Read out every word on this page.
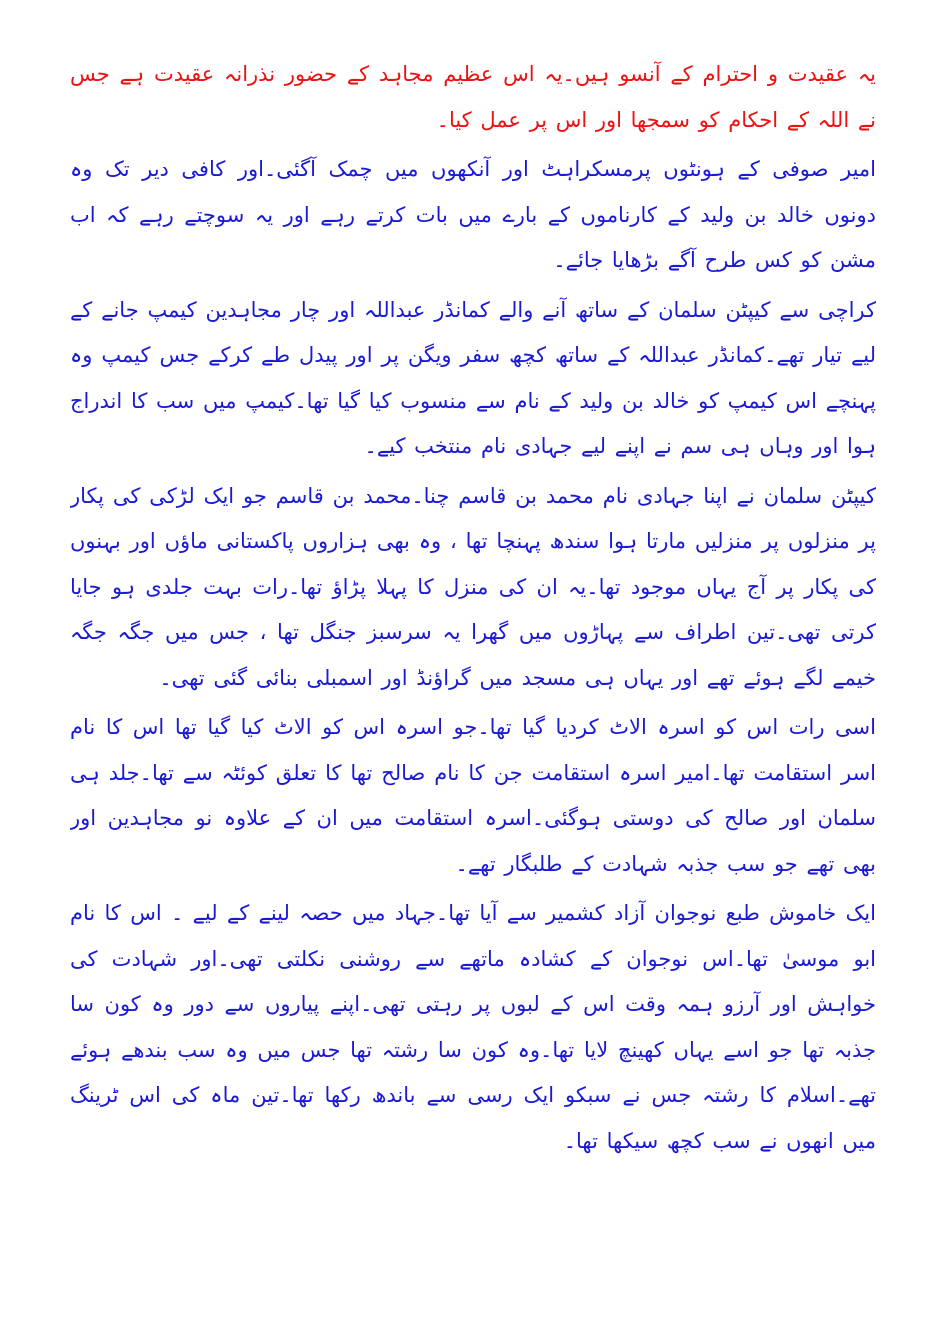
یہ عقیدت و احترام کے آنسو ہیں۔یہ اس عظیم مجاہد کے حضور نذرانہ عقیدت ہے جس نے اللہ کے احکام کو سمجھا اور اس پر عمل کیا۔

امیر صوفی کے ہونٹوں پرمسکراہٹ اور آنکھوں میں چمک آگئی۔اور کافی دیر تک وہ دونوں خالد بن ولید کے کارناموں کے بارے میں بات کرتے رہے اور یہ سوچتے رہے کہ اب مشن کو کس طرح آگے بڑھایا جائے۔

کراچی سے کیپٹن سلمان کے ساتھ آنے والے کمانڈر عبداللہ اور چار مجاہدین کیمپ جانے کے لیے تیار تھے۔کمانڈر عبداللہ کے ساتھ کچھ سفر ویگن پر اور پیدل طے کرکے جس کیمپ وہ پہنچے اس کیمپ کو خالد بن ولید کے نام سے منسوب کیا گیا تھا۔کیمپ میں سب کا اندراج ہوا اور وہاں ہی سم نے اپنے لیے جہادی نام منتخب کیے۔

کیپٹن سلمان نے اپنا جہادی نام محمد بن قاسم چنا۔محمد بن قاسم جو ایک لڑکی کی پکار پر منزلوں پر منزلیں مارتا ہوا سندھ پہنچا تھا ، وہ بھی ہزاروں پاکستانی ماؤں اور بہنوں کی پکار پر آج یہاں موجود تھا۔یہ ان کی منزل کا پہلا پڑاؤ تھا۔رات بہت جلدی ہو جایا کرتی تھی۔تین اطراف سے پہاڑوں میں گھرا یہ سرسبز جنگل تھا ، جس میں جگہ جگہ خیمے لگے ہوئے تھے اور یہاں ہی مسجد میں گراؤنڈ اور اسمبلی بنائی گئی تھی۔

اسی رات اس کو اسرہ الاٹ کردیا گیا تھا۔جو اسرہ اس کو الاٹ کیا گیا تھا اس کا نام اسر استقامت تھا۔امیر اسرہ استقامت جن کا نام صالح تھا کا تعلق کوئٹہ سے تھا۔جلد ہی سلمان اور صالح کی دوستی ہوگئی۔اسرہ استقامت میں ان کے علاوہ نو مجاہدین اور بھی تھے جو سب جذبہ شہادت کے طلبگار تھے۔

ایک خاموش طبع نوجوان آزاد کشمیر سے آیا تھا۔جہاد میں حصہ لینے کے لیے ۔ اس کا نام ابو موسیٰ تھا۔اس نوجوان کے کشادہ ماتھے سے روشنی نکلتی تھی۔اور شہادت کی خواہش اور آرزو ہمہ وقت اس کے لبوں پر رہتی تھی۔اپنے پیاروں سے دور وہ کون سا جذبہ تھا جو اسے یہاں کھینچ لایا تھا۔وہ کون سا رشتہ تھا جس میں وہ سب بندھے ہوئے تھے۔اسلام کا رشتہ جس نے سبکو ایک رسی سے باندھ رکھا تھا۔تین ماہ کی اس ٹرینگ میں انھوں نے سب کچھ سیکھا تھا۔
